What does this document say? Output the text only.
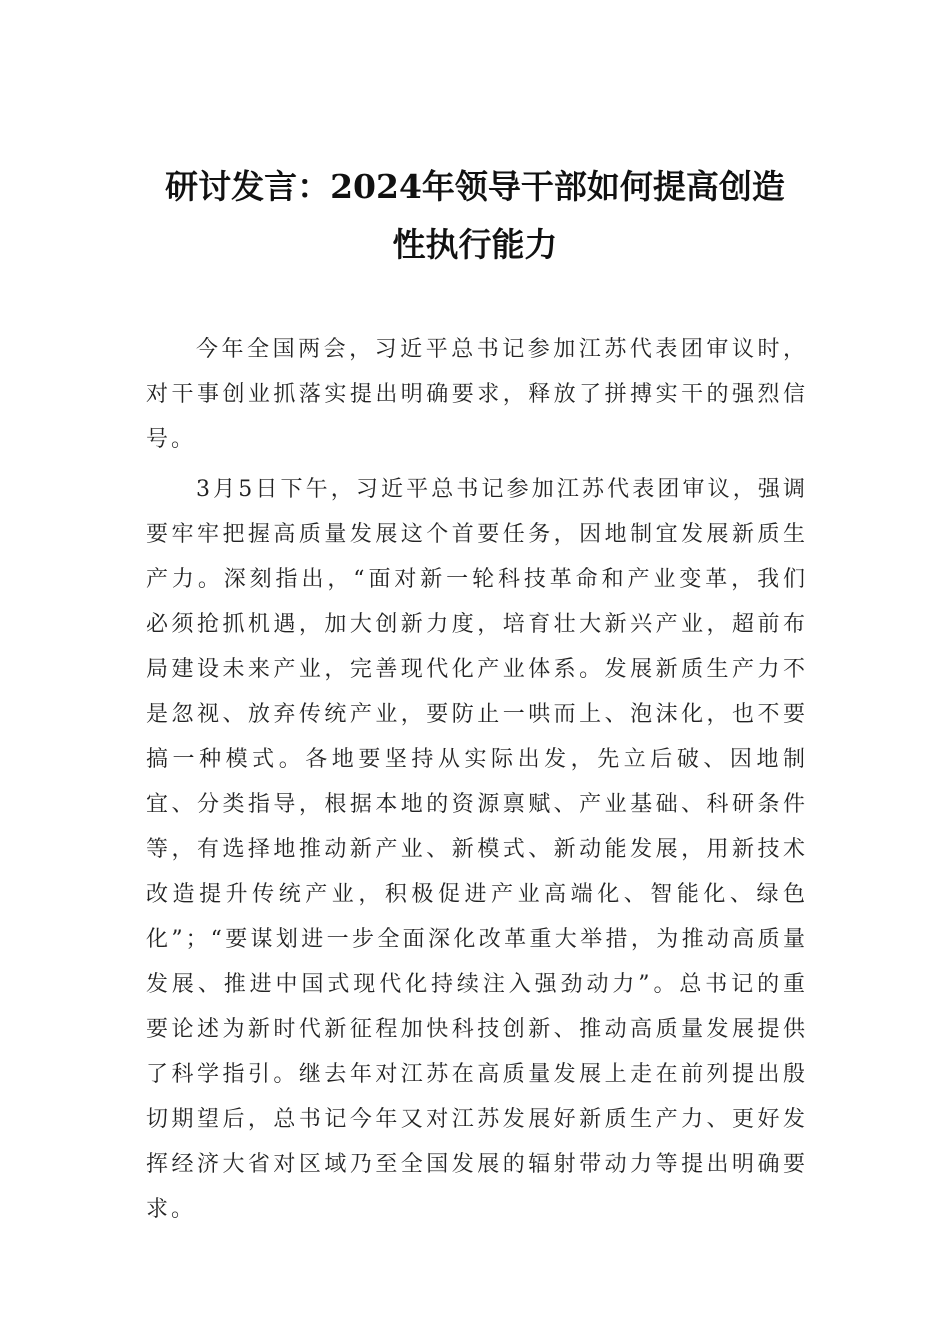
研讨发言：2024年领导干部如何提高创造
性执行能力

今年全国两会，习近平总书记参加江苏代表团审议时，对干事创业抓落实提出明确要求，释放了拼搏实干的强烈信号。

3月5日下午，习近平总书记参加江苏代表团审议，强调要牢牢把握高质量发展这个首要任务，因地制宜发展新质生产力。深刻指出，“面对新一轮科技革命和产业变革，我们必须抢抓机遇，加大创新力度，培育壮大新兴产业，超前布局建设未来产业，完善现代化产业体系。发展新质生产力不是忽视、放弃传统产业，要防止一哄而上、泡沫化，也不要搞一种模式。各地要坚持从实际出发，先立后破、因地制宜、分类指导，根据本地的资源禀赋、产业基础、科研条件等，有选择地推动新产业、新模式、新动能发展，用新技术改造提升传统产业，积极促进产业高端化、智能化、绿色化”；“要谋划进一步全面深化改革重大举措，为推动高质量发展、推进中国式现代化持续注入强劲动力”。总书记的重要论述为新时代新征程加快科技创新、推动高质量发展提供了科学指引。继去年对江苏在高质量发展上走在前列提出殷切期望后，总书记今年又对江苏发展好新质生产力、更好发挥经济大省对区域乃至全国发展的辐射带动力等提出明确要求。
